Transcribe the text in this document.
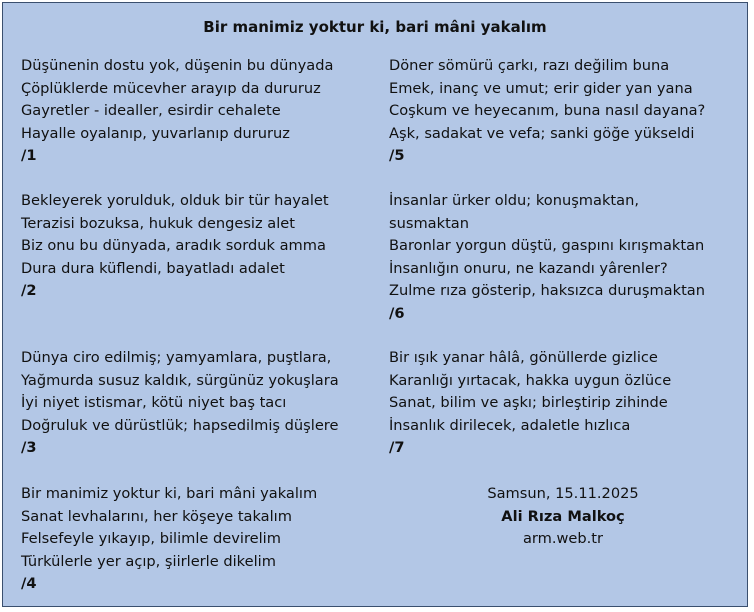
Bir manimiz yoktur ki, bari mâni yakalım
Düşünenin dostu yok, düşenin bu dünyada
Çöplüklerde mücevher arayıp da dururuz
Gayretler - idealler, esirdir cehalete
Hayalle oyalanıp, yuvarlanıp dururuz
/1
Bekleyerek yorulduk, olduk bir tür hayalet
Terazisi bozuksa, hukuk dengesiz alet
Biz onu bu dünyada, aradık sorduk amma
Dura dura küflendi, bayatladı adalet
/2
Dünya ciro edilmiş; yamyamlara, puştlara,
Yağmurda susuz kaldık, sürgünüz yokuşlara
İyi niyet istismar, kötü niyet baş tacı
Doğruluk ve dürüstlük; hapsedilmiş düşlere
/3
Bir manimiz yoktur ki, bari mâni yakalım
Sanat levhalarını, her köşeye takalım
Felsefeyle yıkayıp, bilimle devirelim
Türkülerle yer açıp, şiirlerle dikelim
/4
Döner sömürü çarkı, razı değilim buna
Emek, inanç ve umut; erir gider yan yana
Coşkum ve heyecanım, buna nasıl dayana?
Aşk, sadakat ve vefa; sanki göğe yükseldi
/5
İnsanlar ürker oldu; konuşmaktan,
susmaktan
Baronlar yorgun düştü, gaspını kırışmaktan
İnsanlığın onuru, ne kazandı yârenler?
Zulme rıza gösterip, haksızca duruşmaktan
/6
Bir ışık yanar hâlâ, gönüllerde gizlice
Karanlığı yırtacak, hakka uygun özlüce
Sanat, bilim ve aşkı; birleştirip zihinde
İnsanlık dirilecek, adaletle hızlıca
/7
Samsun, 15.11.2025
Ali Rıza Malkoç
arm.web.tr
